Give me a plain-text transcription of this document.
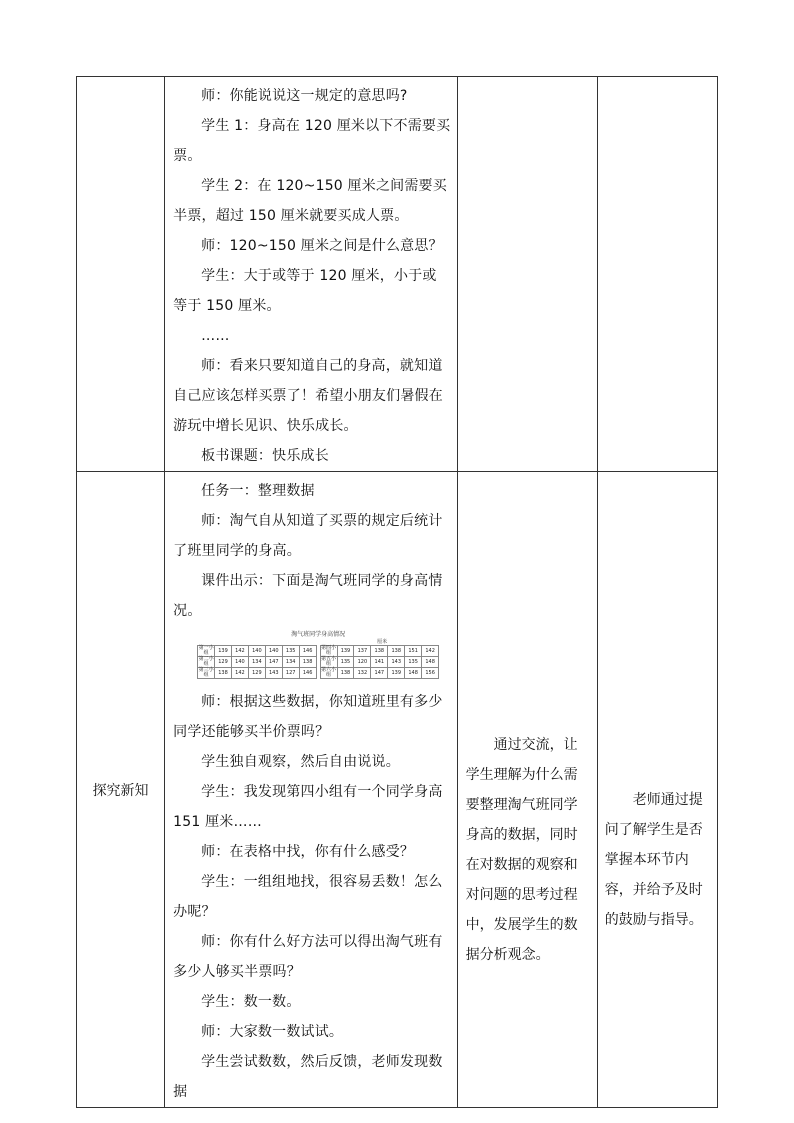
师：你能说说这一规定的意思吗?

学生 1：身高在 120 厘米以下不需要买票。

学生 2：在 120~150 厘米之间需要买半票，超过 150 厘米就要买成人票。

师：120~150 厘米之间是什么意思？

学生：大于或等于 120 厘米，小于或等于 150 厘米。

……

师：看来只要知道自己的身高，就知道自己应该怎样买票了！希望小朋友们暑假在游玩中增长见识、快乐成长。

板书课题：快乐成长

探究新知	

任务一：整理数据

师：淘气自从知道了买票的规定后统计了班里同学的身高。

课件出示：下面是淘气班同学的身高情况。

淘气班同学身高情况
厘米
第一小组	139	142	140	140	135	146		第四小组	139	137	138	138	151	142
第二小组	129	140	134	147	134	138		第五小组	135	120	141	143	135	148
第三小组	138	142	129	143	127	146		第六小组	138	132	147	139	148	156

师：根据这些数据，你知道班里有多少同学还能够买半价票吗？

学生独自观察，然后自由说说。

学生：我发现第四小组有一个同学身高 151 厘米……

师：在表格中找，你有什么感受？

学生：一组组地找，很容易丢数！怎么办呢？

师：你有什么好方法可以得出淘气班有多少人够买半票吗？

学生：数一数。

师：大家数一数试试。

学生尝试数数，然后反馈，老师发现数据

通过交流，让学生理解为什么需要整理淘气班同学身高的数据，同时在对数据的观察和对问题的思考过程中，发展学生的数据分析观念。

老师通过提问了解学生是否掌握本环节内容，并给予及时的鼓励与指导。
